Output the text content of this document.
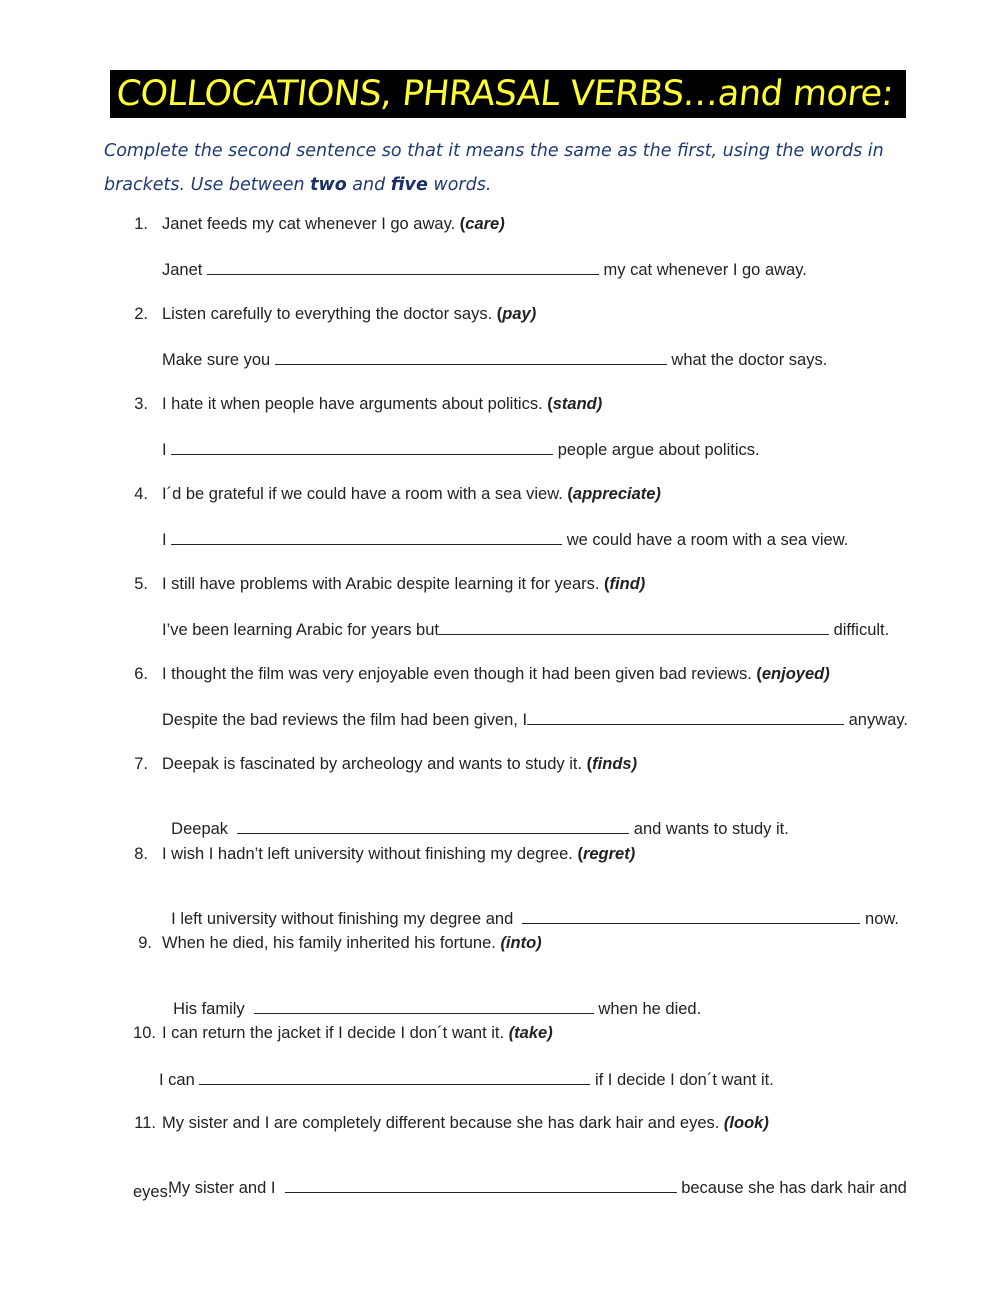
COLLOCATIONS, PHRASAL VERBS…and more:
Complete the second sentence so that it means the same as the first, using the words in brackets. Use between two and five words.
1. Janet feeds my cat whenever I go away. (care)
Janet	my cat whenever I go away.
2. Listen carefully to everything the doctor says. (pay)
Make sure you	what the doctor says.
3. I hate it when people have arguments about politics. (stand)
I	people argue about politics.
4. I´d be grateful if we could have a room with a sea view. (appreciate)
I	we could have a room with a sea view.
5. I still have problems with Arabic despite learning it for years. (find)
I’ve been learning Arabic for years but	difficult.
6. I thought the film was very enjoyable even though it had been given bad reviews. (enjoyed)
Despite the bad reviews the film had been given, I	anyway.
7. Deepak is fascinated by archeology and wants to study it. (finds)

Deepak	and wants to study it.

8. I wish I hadn’t left university without finishing my degree. (regret)

I left university without finishing my degree and	now.

9. When he died, his family inherited his fortune. (into)

His family	when he died.

10. I can return the jacket if I decide I don´t want it. (take)
I can	if I decide I don´t want it.
11. My sister and I are completely different because she has dark hair and eyes. (look)

My sister and I	because she has dark hair and

eyes.
